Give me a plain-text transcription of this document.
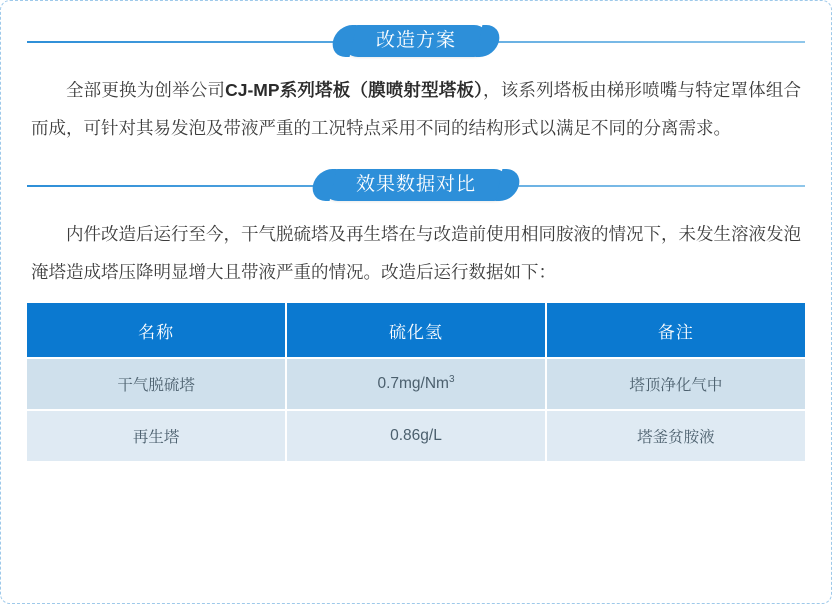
改造方案

全部更换为创举公司CJ-MP系列塔板（膜喷射型塔板），该系列塔板由梯形喷嘴与特定罩体组合而成，可针对其易发泡及带液严重的工况特点采用不同的结构形式以满足不同的分离需求。

效果数据对比

内件改造后运行至今，干气脱硫塔及再生塔在与改造前使用相同胺液的情况下，未发生溶液发泡淹塔造成塔压降明显增大且带液严重的情况。改造后运行数据如下：

名称	硫化氢	备注
干气脱硫塔	0.7mg/Nm$^3$	塔顶净化气中
再生塔	0.86g/L	塔釜贫胺液
